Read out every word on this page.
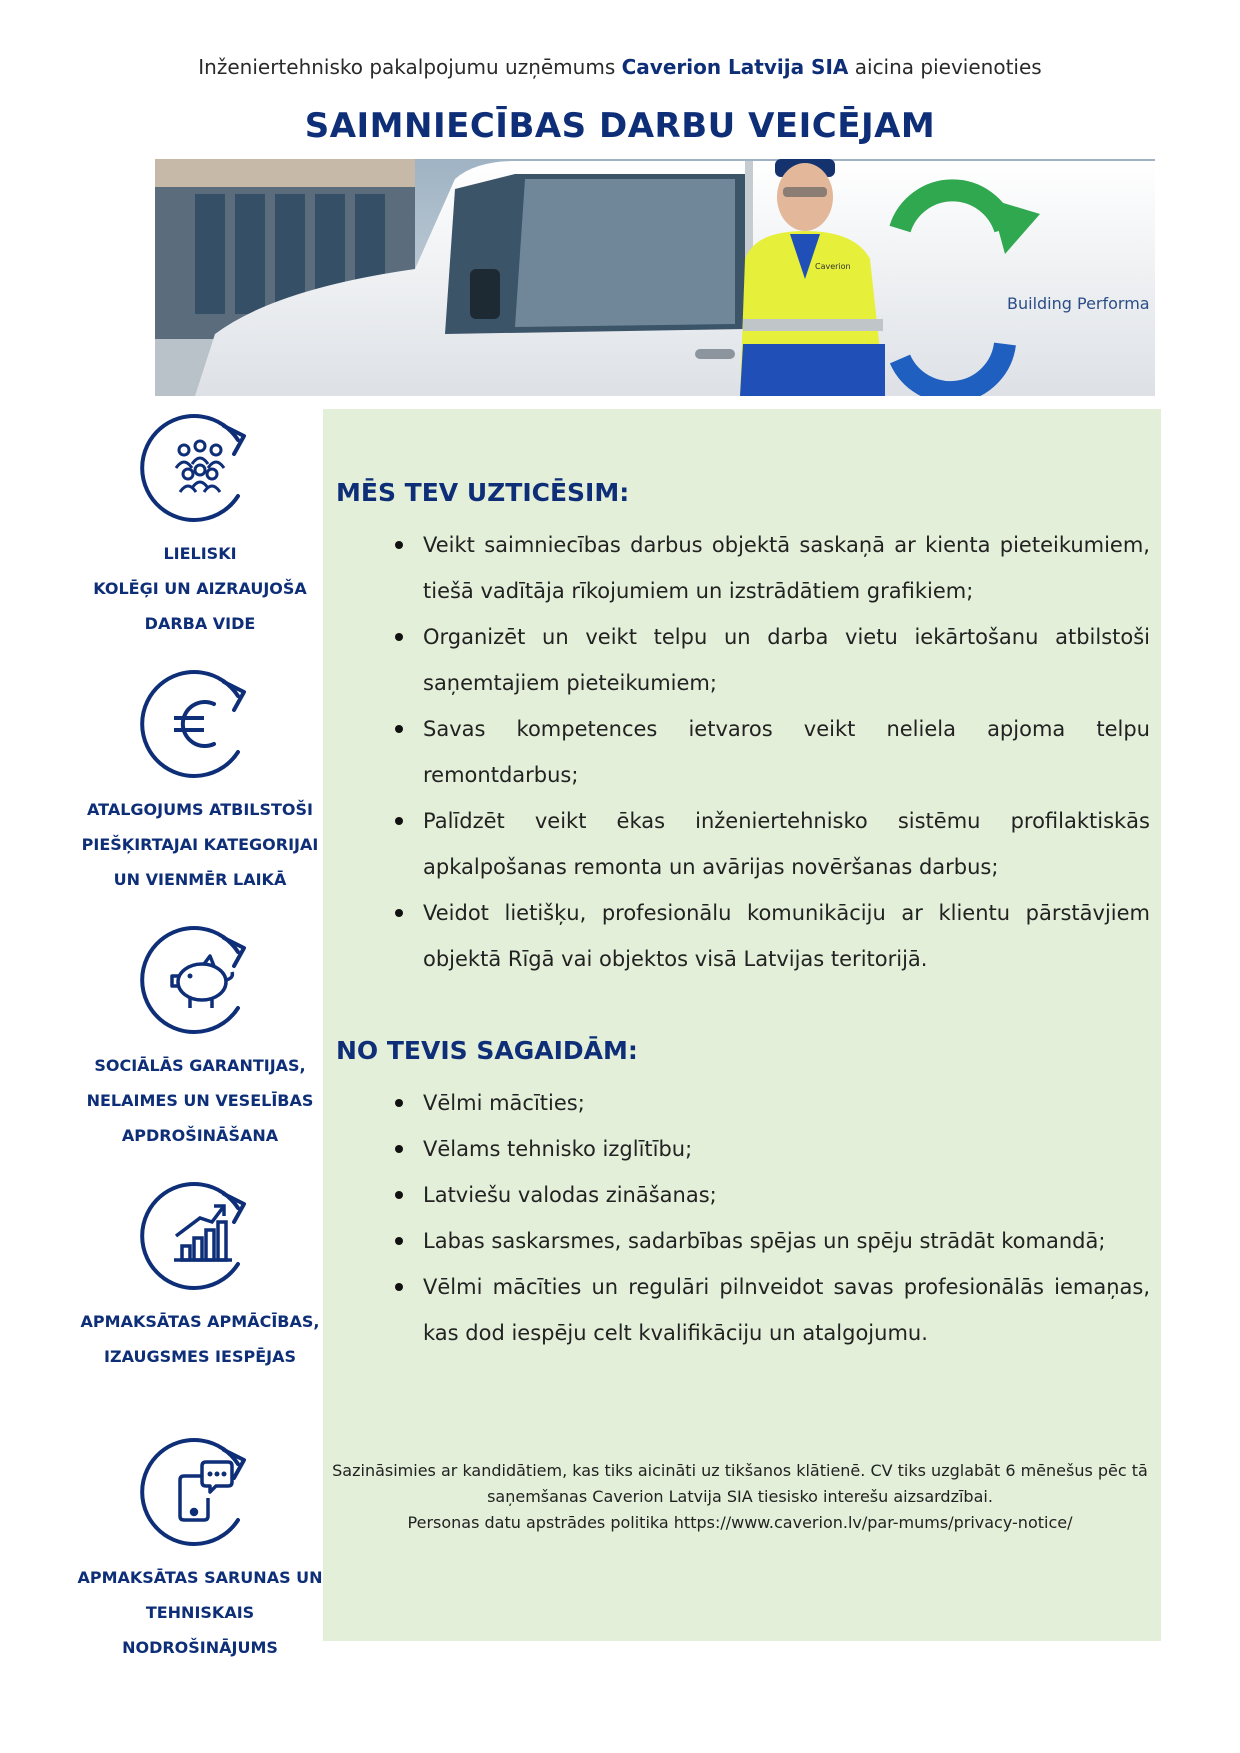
Inženiertehnisko pakalpojumu uzņēmums Caverion Latvija SIA aicina pievienoties
SAIMNIECĪBAS DARBU VEICĒJAM
Building Performa
Caverion
LIELISKI
KOLĒĢI UN AIZRAUJOŠA
DARBA VIDE
ATALGOJUMS ATBILSTOŠI
PIEŠĶIRTAJAI KATEGORIJAI
UN VIENMĒR LAIKĀ
SOCIĀLĀS GARANTIJAS,
NELAIMES UN VESELĪBAS
APDROŠINĀŠANA
APMAKSĀTAS APMĀCĪBAS,
IZAUGSMES IESPĒJAS
APMAKSĀTAS SARUNAS UN
TEHNISKAIS
NODROŠINĀJUMS
MĒS TEV UZTICĒSIM:
Veikt saimniecības darbus objektā saskaņā ar kienta pieteikumiem, tiešā vadītāja rīkojumiem un izstrādātiem grafikiem;
Organizēt un veikt telpu un darba vietu iekārtošanu atbilstoši saņemtajiem pieteikumiem;
Savas kompetences ietvaros veikt neliela apjoma telpu remontdarbus;
Palīdzēt veikt ēkas inženiertehnisko sistēmu profilaktiskās apkalpošanas remonta un avārijas novēršanas darbus;
Veidot lietišķu, profesionālu komunikāciju ar klientu pārstāvjiem objektā Rīgā vai objektos visā Latvijas teritorijā.
NO TEVIS SAGAIDĀM:
Vēlmi mācīties;
Vēlams tehnisko izglītību;
Latviešu valodas zināšanas;
Labas saskarsmes, sadarbības spējas un spēju strādāt komandā;
Vēlmi mācīties un regulāri pilnveidot savas profesionālās iemaņas, kas dod iespēju celt kvalifikāciju un atalgojumu.
Sazināsimies ar kandidātiem, kas tiks aicināti uz tikšanos klātienē. CV tiks uzglabāt 6 mēnešus pēc tā
saņemšanas Caverion Latvija SIA tiesisko interešu aizsardzībai.
Personas datu apstrādes politika https://www.caverion.lv/par-mums/privacy-notice/
